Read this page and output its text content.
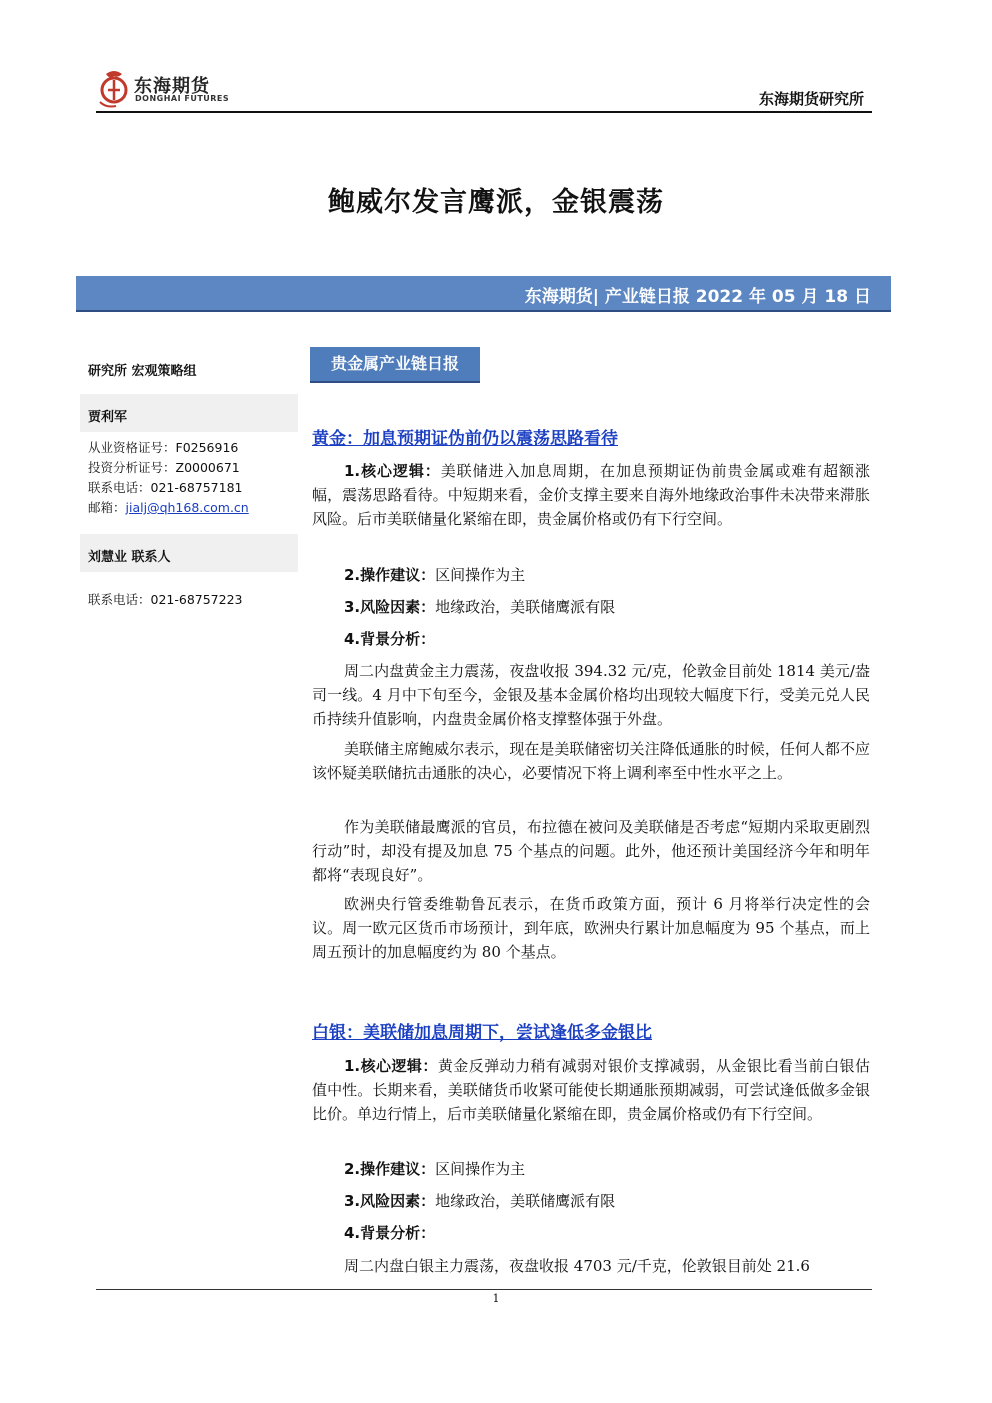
东海期货
DONGHAI FUTURES	东海期货研究所
鲍威尔发言鹰派，金银震荡
东海期货| 产业链日报 2022 年 05 月 18 日
研究所 宏观策略组
贾利军
从业资格证号：F0256916
投资分析证号：Z0000671
联系电话：021-68757181
邮箱：jialj@qh168.com.cn
刘慧业 联系人
联系电话：021-68757223
贵金属产业链日报
黄金：加息预期证伪前仍以震荡思路看待
1.核心逻辑：美联储进入加息周期，在加息预期证伪前贵金属或难有超额涨幅，震荡思路看待。中短期来看，金价支撑主要来自海外地缘政治事件未决带来滞胀风险。后市美联储量化紧缩在即，贵金属价格或仍有下行空间。
2.操作建议：区间操作为主
3.风险因素：地缘政治，美联储鹰派有限
4.背景分析：
周二内盘黄金主力震荡，夜盘收报 394.32 元/克，伦敦金目前处 1814 美元/盎司一线。4 月中下旬至今，金银及基本金属价格均出现较大幅度下行，受美元兑人民币持续升值影响，内盘贵金属价格支撑整体强于外盘。
美联储主席鲍威尔表示，现在是美联储密切关注降低通胀的时候，任何人都不应该怀疑美联储抗击通胀的决心，必要情况下将上调利率至中性水平之上。
作为美联储最鹰派的官员，布拉德在被问及美联储是否考虑“短期内采取更剧烈行动”时，却没有提及加息 75 个基点的问题。此外，他还预计美国经济今年和明年都将“表现良好”。
欧洲央行管委维勒鲁瓦表示，在货币政策方面，预计 6 月将举行决定性的会议。周一欧元区货币市场预计，到年底，欧洲央行累计加息幅度为 95 个基点，而上周五预计的加息幅度约为 80 个基点。
白银：美联储加息周期下，尝试逢低多金银比
1.核心逻辑：黄金反弹动力稍有减弱对银价支撑减弱，从金银比看当前白银估值中性。长期来看，美联储货币收紧可能使长期通胀预期减弱，可尝试逢低做多金银比价。单边行情上，后市美联储量化紧缩在即，贵金属价格或仍有下行空间。
2.操作建议：区间操作为主
3.风险因素：地缘政治，美联储鹰派有限
4.背景分析：
周二内盘白银主力震荡，夜盘收报 4703 元/千克，伦敦银目前处 21.6
1
